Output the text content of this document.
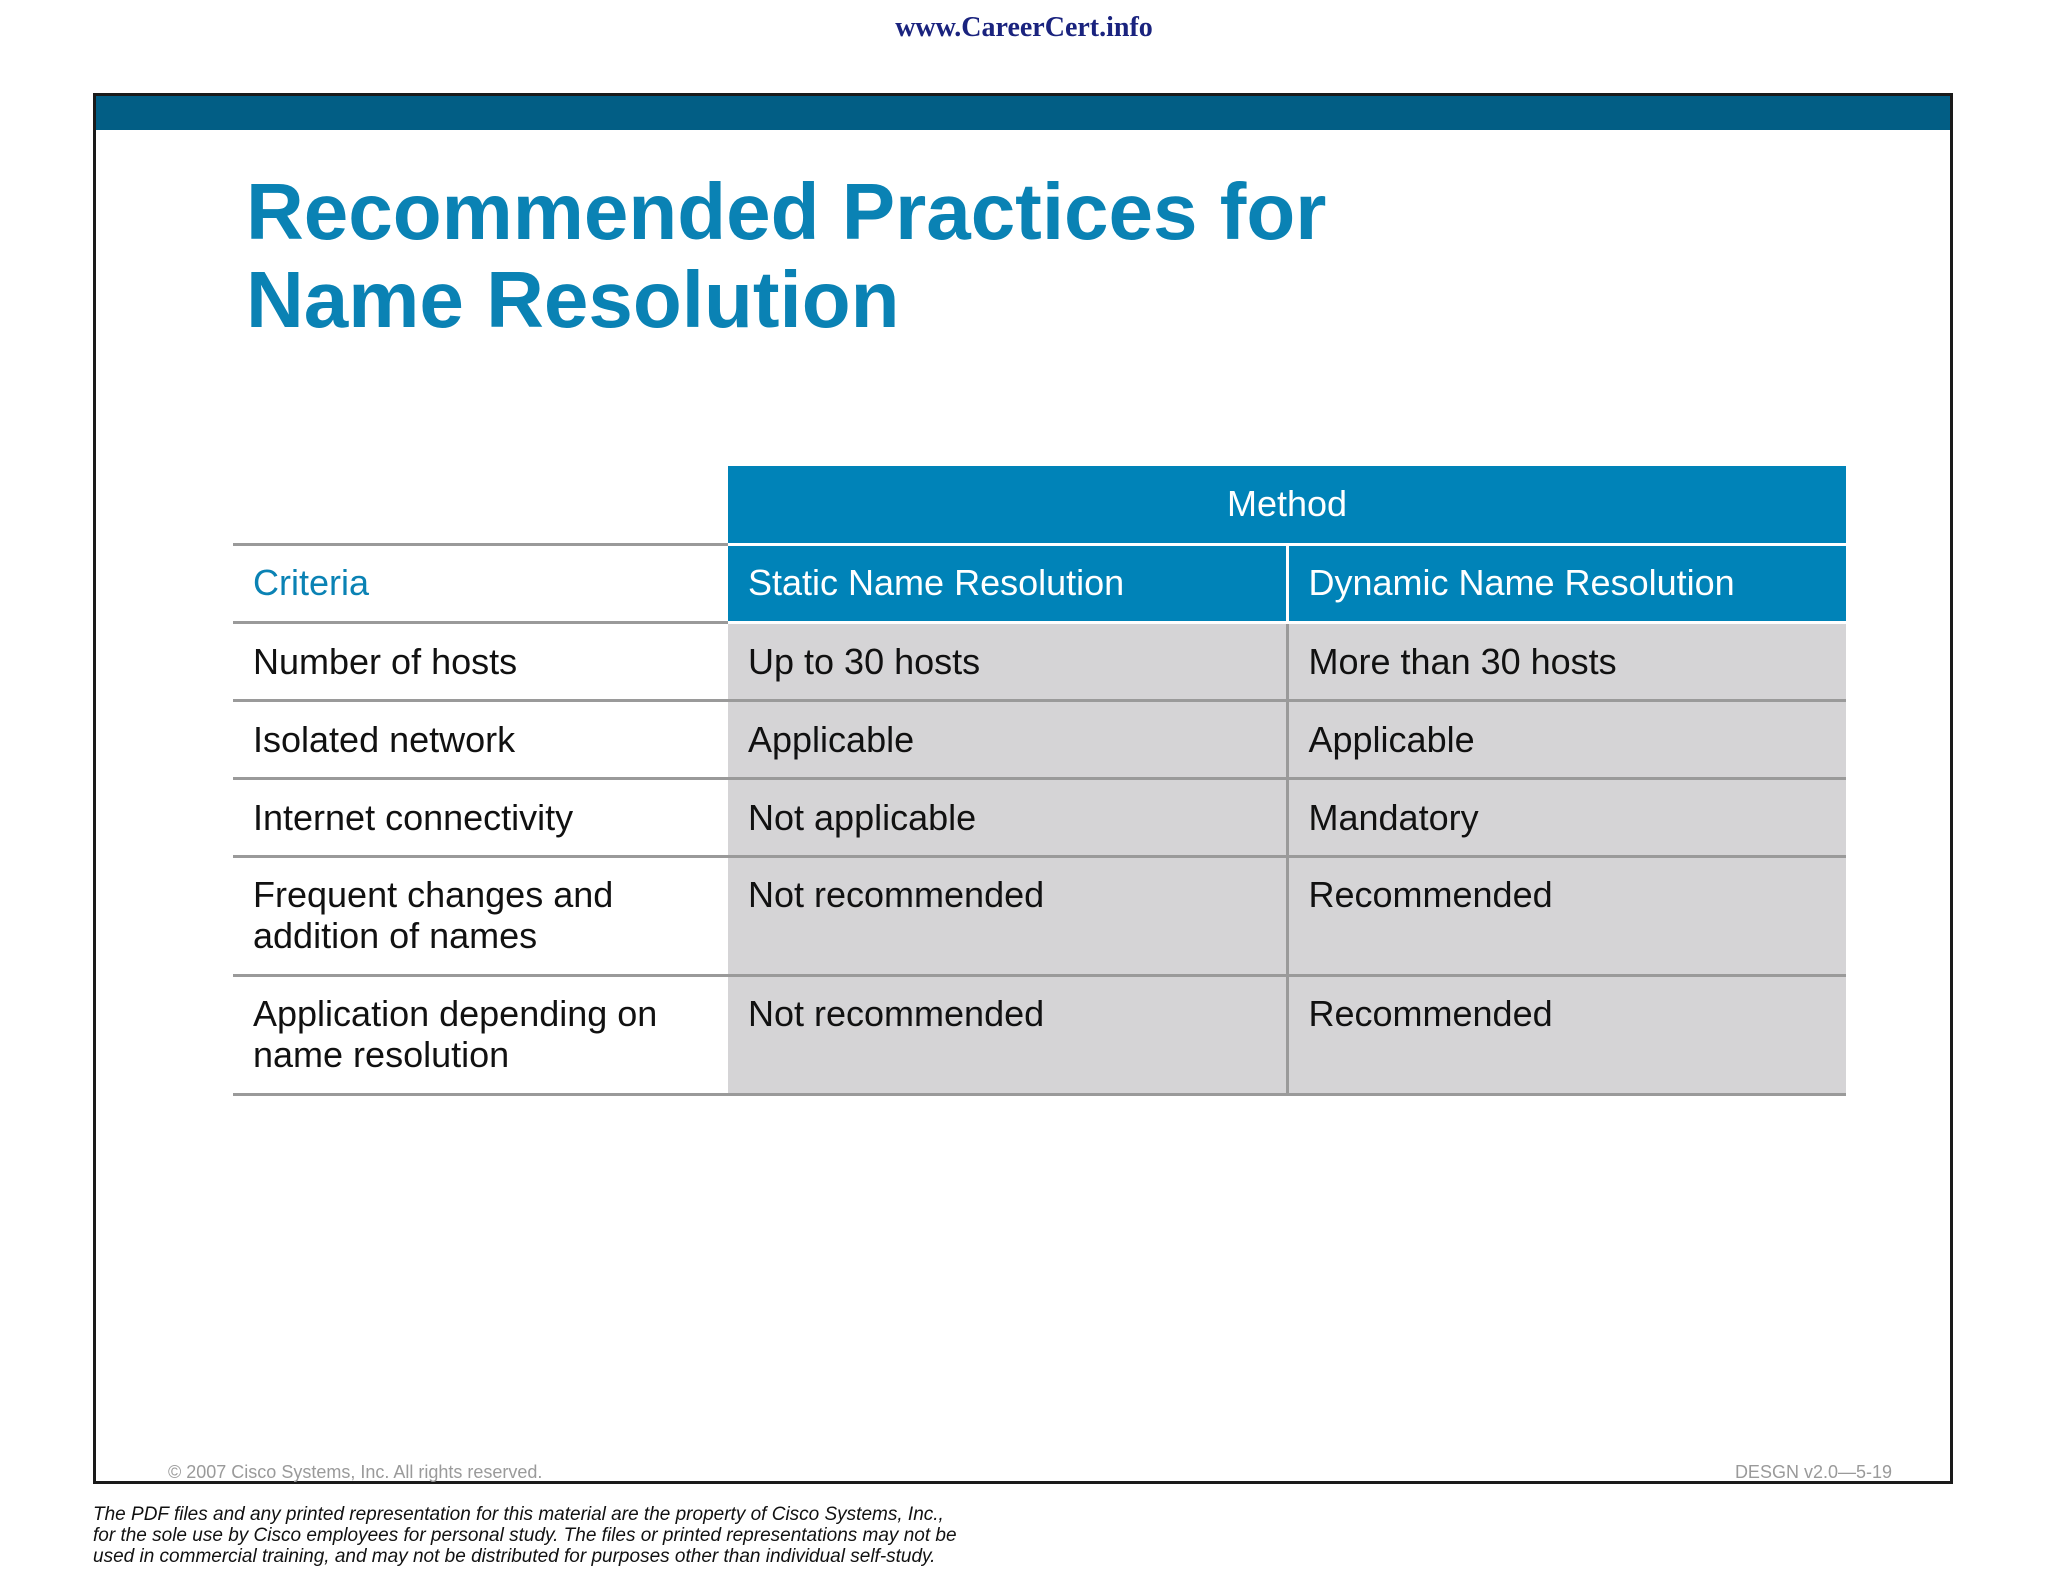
www.CareerCert.info
Recommended Practices for
Name Resolution
	Method	
Criteria	Static Name Resolution	Dynamic Name Resolution
Number of hosts	Up to 30 hosts	More than 30 hosts
Isolated network	Applicable	Applicable
Internet connectivity	Not applicable	Mandatory
Frequent changes and
addition of names	Not recommended	Recommended
Application depending on
name resolution	Not recommended	Recommended
© 2007 Cisco Systems, Inc. All rights reserved.	DESGN v2.0—5-19

The PDF files and any printed representation for this material are the property of Cisco Systems, Inc.,
for the sole use by Cisco employees for personal study. The files or printed representations may not be
used in commercial training, and may not be distributed for purposes other than individual self-study.
